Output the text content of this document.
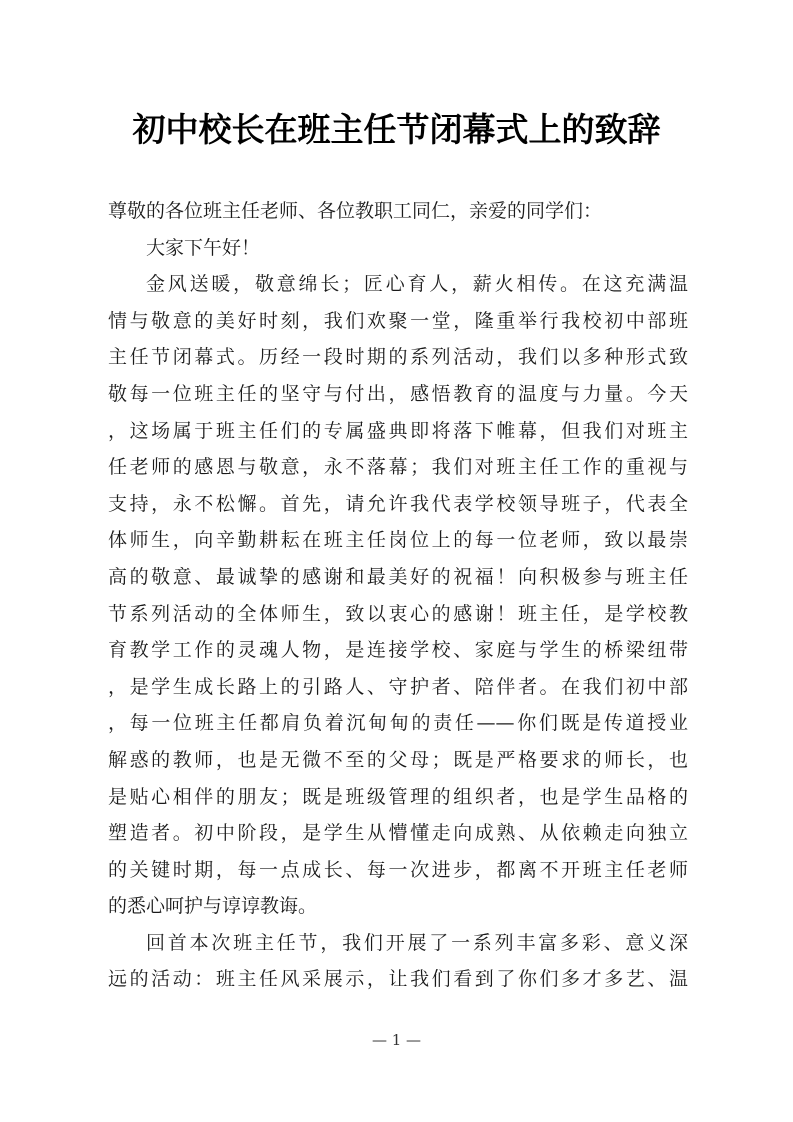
初中校长在班主任节闭幕式上的致辞
尊敬的各位班主任老师、各位教职工同仁，亲爱的同学们：
大家下午好！
金风送暖，敬意绵长；匠心育人，薪火相传。在这充满温
情与敬意的美好时刻，我们欢聚一堂，隆重举行我校初中部班
主任节闭幕式。历经一段时期的系列活动，我们以多种形式致
敬每一位班主任的坚守与付出，感悟教育的温度与力量。今天
，这场属于班主任们的专属盛典即将落下帷幕，但我们对班主
任老师的感恩与敬意，永不落幕；我们对班主任工作的重视与
支持，永不松懈。首先，请允许我代表学校领导班子，代表全
体师生，向辛勤耕耘在班主任岗位上的每一位老师，致以最崇
高的敬意、最诚挚的感谢和最美好的祝福！向积极参与班主任
节系列活动的全体师生，致以衷心的感谢！班主任，是学校教
育教学工作的灵魂人物，是连接学校、家庭与学生的桥梁纽带
，是学生成长路上的引路人、守护者、陪伴者。在我们初中部
，每一位班主任都肩负着沉甸甸的责任——你们既是传道授业
解惑的教师，也是无微不至的父母；既是严格要求的师长，也
是贴心相伴的朋友；既是班级管理的组织者，也是学生品格的
塑造者。初中阶段，是学生从懵懂走向成熟、从依赖走向独立
的关键时期，每一点成长、每一次进步，都离不开班主任老师
的悉心呵护与谆谆教诲。
回首本次班主任节，我们开展了一系列丰富多彩、意义深
远的活动：班主任风采展示，让我们看到了你们多才多艺、温
— 1 —
